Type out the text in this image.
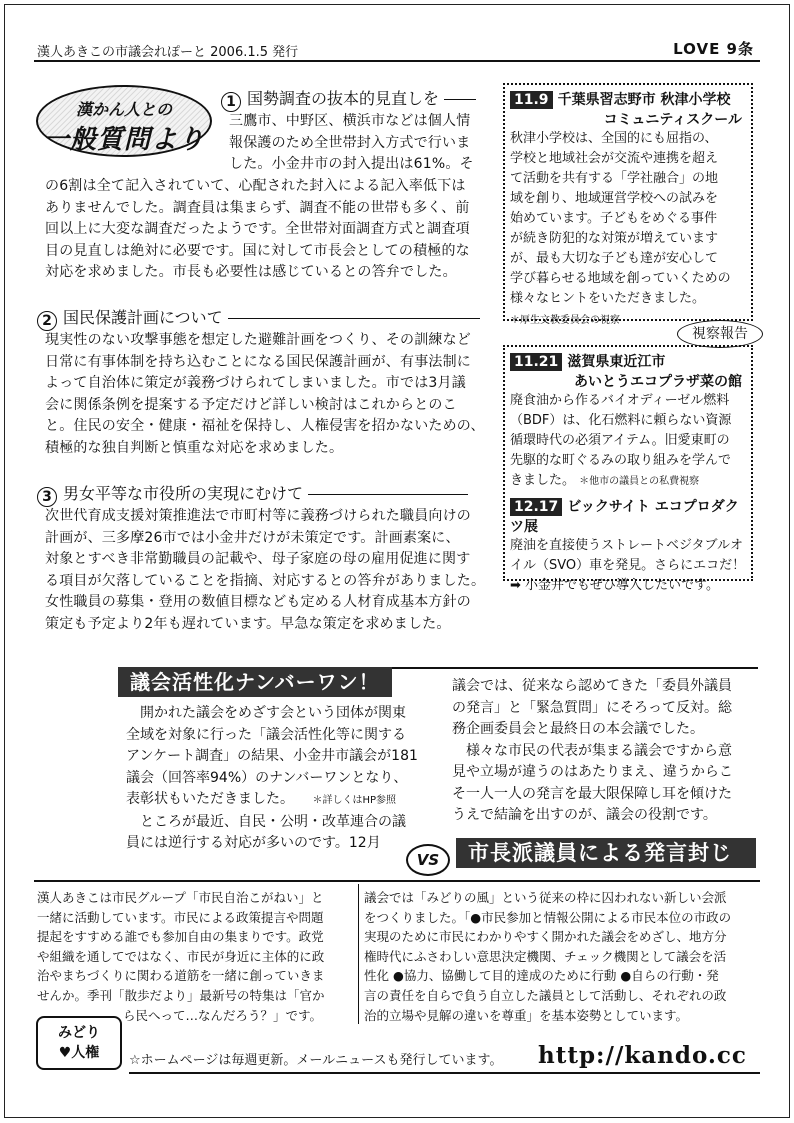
漢人あきこの市議会れぽーと 2006.1.5 発行	LOVE 9条
漢かん人との
一般質問より
1 国勢調査の抜本的見直しを
三鷹市、中野区、横浜市などは個人情
報保護のため全世帯封入方式で行いま
した。小金井市の封入提出は61%。そ
の6割は全て記入されていて、心配された封入による記入率低下は
ありませんでした。調査員は集まらず、調査不能の世帯も多く、前
回以上に大変な調査だったようです。全世帯対面調査方式と調査項
目の見直しは絶対に必要です。国に対して市長会としての積極的な
対応を求めました。市長も必要性は感じているとの答弁でした。
2 国民保護計画について
現実性のない攻撃事態を想定した避難計画をつくり、その訓練など
日常に有事体制を持ち込むことになる国民保護計画が、有事法制に
よって自治体に策定が義務づけられてしまいました。市では3月議
会に関係条例を提案する予定だけど詳しい検討はこれからとのこ
と。住民の安全・健康・福祉を保持し、人権侵害を招かないための、
積極的な独自判断と慎重な対応を求めました。
3 男女平等な市役所の実現にむけて
次世代育成支援対策推進法で市町村等に義務づけられた職員向けの
計画が、三多摩26市では小金井だけが未策定です。計画素案に、
対象とすべき非常勤職員の記載や、母子家庭の母の雇用促進に関す
る項目が欠落していることを指摘、対応するとの答弁がありました。
女性職員の募集・登用の数値目標なども定める人材育成基本方針の
策定も予定より2年も遅れています。早急な策定を求めました。
11.9 千葉県習志野市 秋津小学校
コミュニティスクール
秋津小学校は、全国的にも屈指の、
学校と地域社会が交流や連携を超え
て活動を共有する「学社融合」の地
域を創り、地域運営学校への試みを
始めています。子どもをめぐる事件
が続き防犯的な対策が増えています
が、最も大切な子ども達が安心して
学び暮らせる地域を創っていくための
様々なヒントをいただきました。
＊厚生文教委員会の視察
視察報告
11.21 滋賀県東近江市
あいとうエコプラザ菜の館
廃食油から作るバイオディーゼル燃料
（BDF）は、化石燃料に頼らない資源
循環時代の必須アイテム。旧愛東町の
先駆的な町ぐるみの取り組みを学んで
きました。 ＊他市の議員との私費視察
12.17 ビックサイト エコプロダクツ展
廃油を直接使うストレートベジタブルオ
イル（SVO）車を発見。さらにエコだ！
➡ 小金井でもぜひ導入したいです。
議会活性化ナンバーワン！
開かれた議会をめざす会という団体が関東
全域を対象に行った「議会活性化等に関する
アンケート調査」の結果、小金井市議会が181
議会（回答率94%）のナンバーワンとなり、
表彰状もいただきました。 ＊詳しくはHP参照
ところが最近、自民・公明・改革連合の議
員には逆行する対応が多いのです。12月
議会では、従来なら認めてきた「委員外議員
の発言」と「緊急質問」にそろって反対。総
務企画委員会と最終日の本会議でした。
様々な市民の代表が集まる議会ですから意
見や立場が違うのはあたりまえ、違うからこ
そ一人一人の発言を最大限保障し耳を傾けた
うえで結論を出すのが、議会の役割です。
VS	市長派議員による発言封じ
漢人あきこは市民グループ「市民自治こがねい」と
一緒に活動しています。市民による政策提言や問題
提起をすすめる誰でも参加自由の集まりです。政党
や組織を通してではなく、市民が身近に主体的に政
治やまちづくりに関わる道筋を一緒に創っていきま
せんか。季刊「散歩だより」最新号の特集は「官か
ら民へって…なんだろう？」です。
議会では「みどりの風」という従来の枠に囚われない新しい会派
をつくりました。「●市民参加と情報公開による市民本位の市政の
実現のために市民にわかりやすく開かれた議会をめざし、地方分
権時代にふさわしい意思決定機関、チェック機関として議会を活
性化 ●協力、協働して目的達成のために行動 ●自らの行動・発
言の責任を自らで負う自立した議員として活動し、それぞれの政
治的立場や見解の違いを尊重」を基本姿勢としています。
みどり
♥人権	☆ホームページは毎週更新。メールニュースも発行しています。 http://kando.cc
